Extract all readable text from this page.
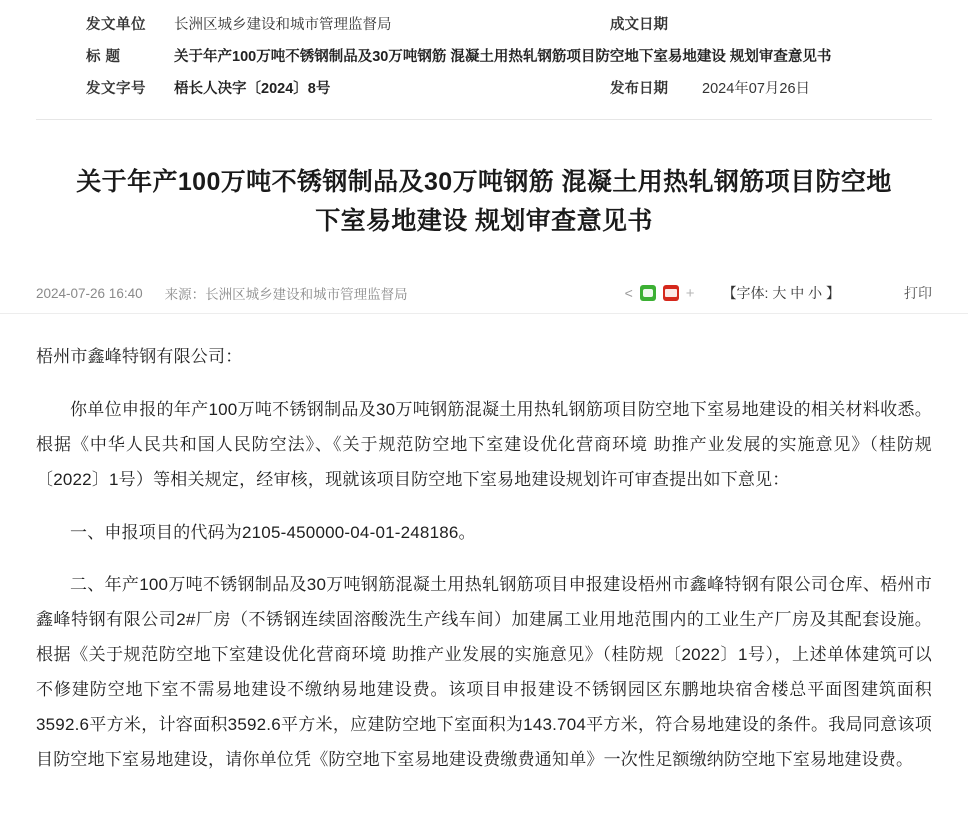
发文单位	长洲区城乡建设和城市管理监督局	成文日期	
标 题	关于年产100万吨不锈钢制品及30万吨钢筋 混凝土用热轧钢筋项目防空地下室易地建设 规划审查意见书		
发文字号	梧长人决字〔2024〕8号	发布日期	2024年07月26日
关于年产100万吨不锈钢制品及30万吨钢筋 混凝土用热轧钢筋项目防空地下室易地建设 规划审查意见书
2024-07-26 16:40 来源：长洲区城乡建设和城市管理监督局	<	+ 【字体: 大 中 小 】	打印

梧州市鑫峰特钢有限公司：

你单位申报的年产100万吨不锈钢制品及30万吨钢筋混凝土用热轧钢筋项目防空地下室易地建设的相关材料收悉。根据《中华人民共和国人民防空法》、《关于规范防空地下室建设优化营商环境 助推产业发展的实施意见》（桂防规〔2022〕1号）等相关规定，经审核，现就该项目防空地下室易地建设规划许可审查提出如下意见：

一、申报项目的代码为2105-450000-04-01-248186。

二、年产100万吨不锈钢制品及30万吨钢筋混凝土用热轧钢筋项目申报建设梧州市鑫峰特钢有限公司仓库、梧州市鑫峰特钢有限公司2#厂房（不锈钢连续固溶酸洗生产线车间）加建属工业用地范围内的工业生产厂房及其配套设施。根据《关于规范防空地下室建设优化营商环境 助推产业发展的实施意见》（桂防规〔2022〕1号），上述单体建筑可以不修建防空地下室不需易地建设不缴纳易地建设费。该项目申报建设不锈钢园区东鹏地块宿舍楼总平面图建筑面积3592.6平方米，计容面积3592.6平方米，应建防空地下室面积为143.704平方米，符合易地建设的条件。我局同意该项目防空地下室易地建设，请你单位凭《防空地下室易地建设费缴费通知单》一次性足额缴纳防空地下室易地建设费。
